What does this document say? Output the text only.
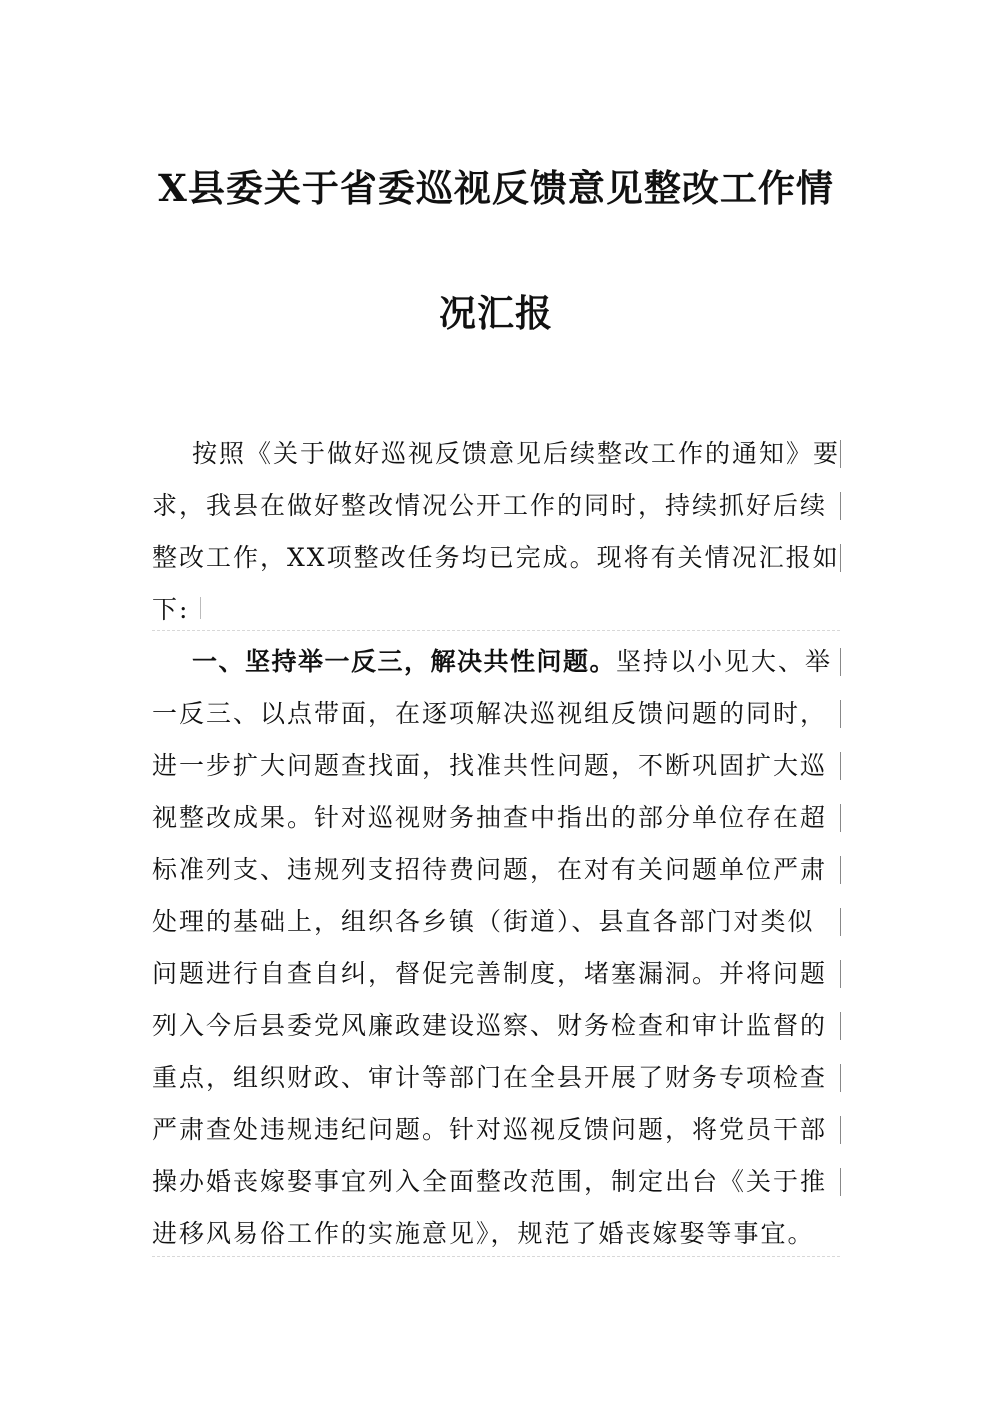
X县委关于省委巡视反馈意见整改工作情
况汇报
按照《关于做好巡视反馈意见后续整改工作的通知》要
求，我县在做好整改情况公开工作的同时，持续抓好后续
整改工作，XX项整改任务均已完成。现将有关情况汇报如
下:
一、坚持举一反三，解决共性问题。坚持以小见大、举
一反三、以点带面，在逐项解决巡视组反馈问题的同时，
进一步扩大问题查找面，找准共性问题，不断巩固扩大巡
视整改成果。针对巡视财务抽查中指出的部分单位存在超
标准列支、违规列支招待费问题，在对有关问题单位严肃
处理的基础上，组织各乡镇（街道）、县直各部门对类似
问题进行自查自纠，督促完善制度，堵塞漏洞。并将问题
列入今后县委党风廉政建设巡察、财务检查和审计监督的
重点，组织财政、审计等部门在全县开展了财务专项检查
严肃查处违规违纪问题。针对巡视反馈问题，将党员干部
操办婚丧嫁娶事宜列入全面整改范围，制定出台《关于推
进移风易俗工作的实施意见》，规范了婚丧嫁娶等事宜。
